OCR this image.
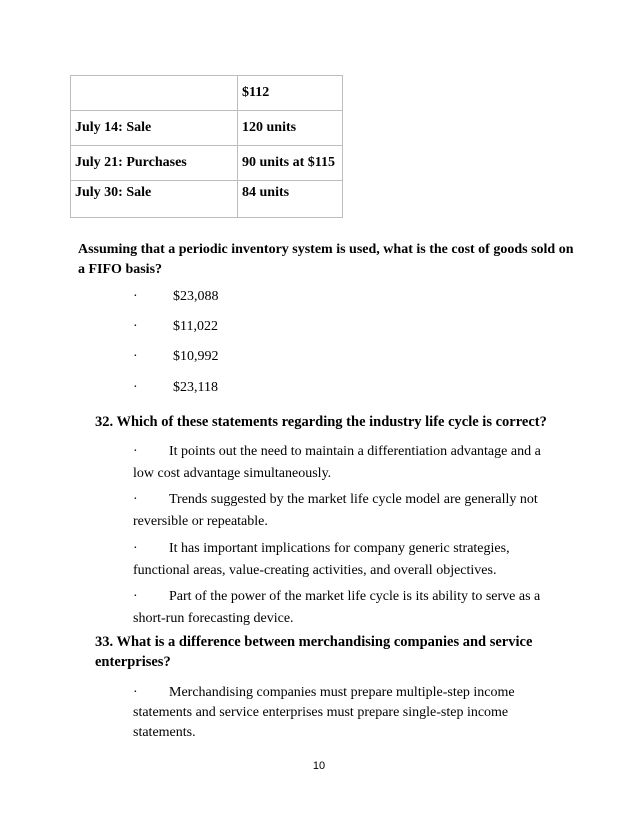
	$112
July 14: Sale	120 units
July 21: Purchases	90 units at $115
July 30: Sale	84 units
Assuming that a periodic inventory system is used, what is the cost of goods sold on a FIFO basis?
·	$23,088
·	$11,022
·	$10,992
·	$23,118
32. Which of these statements regarding the industry life cycle is correct?
· It points out the need to maintain a differentiation advantage and a low cost advantage simultaneously.
· Trends suggested by the market life cycle model are generally not reversible or repeatable.
· It has important implications for company generic strategies, functional areas, value-creating activities, and overall objectives.
· Part of the power of the market life cycle is its ability to serve as a short-run forecasting device.
33. What is a difference between merchandising companies and service enterprises?
· Merchandising companies must prepare multiple-step income statements and service enterprises must prepare single-step income statements.
10
